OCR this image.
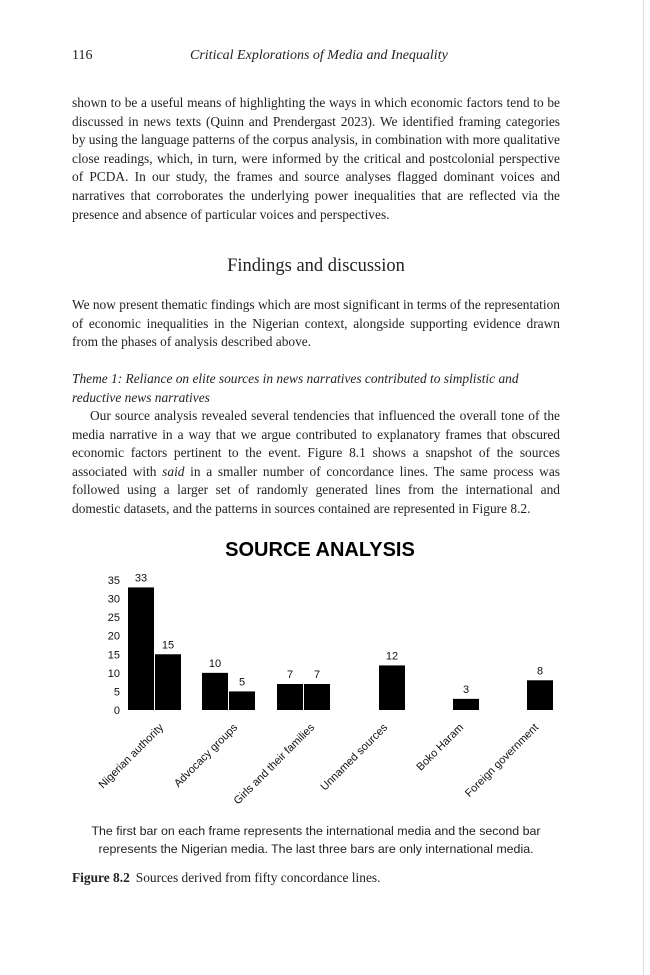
116	Critical Explorations of Media and Inequality

shown to be a useful means of highlighting the ways in which economic factors tend to be discussed in news texts (Quinn and Prendergast 2023). We identified framing categories by using the language patterns of the corpus analysis, in combination with more qualitative close readings, which, in turn, were informed by the critical and postcolonial perspective of PCDA. In our study, the frames and source analyses flagged dominant voices and narratives that corroborates the underlying power inequalities that are reflected via the presence and absence of particular voices and perspectives.

Findings and discussion

We now present thematic findings which are most significant in terms of the representation of economic inequalities in the Nigerian context, alongside supporting evidence drawn from the phases of analysis described above.

Theme 1: Reliance on elite sources in news narratives contributed to simplistic and reductive news narratives

Our source analysis revealed several tendencies that influenced the overall tone of the media narrative in a way that we argue contributed to explanatory frames that obscured economic factors pertinent to the event. Figure 8.1 shows a snapshot of the sources associated with said in a smaller number of concordance lines. The same process was followed using a larger set of randomly generated lines from the international and domestic datasets, and the patterns in sources contained are represented in Figure 8.2.

SOURCE ANALYSIS
0
5
10
15
20
25
30
35 33
15
10
5
7 7
12
3
8
Nigerian authority Advocacy groups
Girls and their families Unnamed sources Boko Haram
Foreign government

The first bar on each frame represents the international media and the second bar represents the Nigerian media. The last three bars are only international media.

Figure 8.2 Sources derived from fifty concordance lines.
